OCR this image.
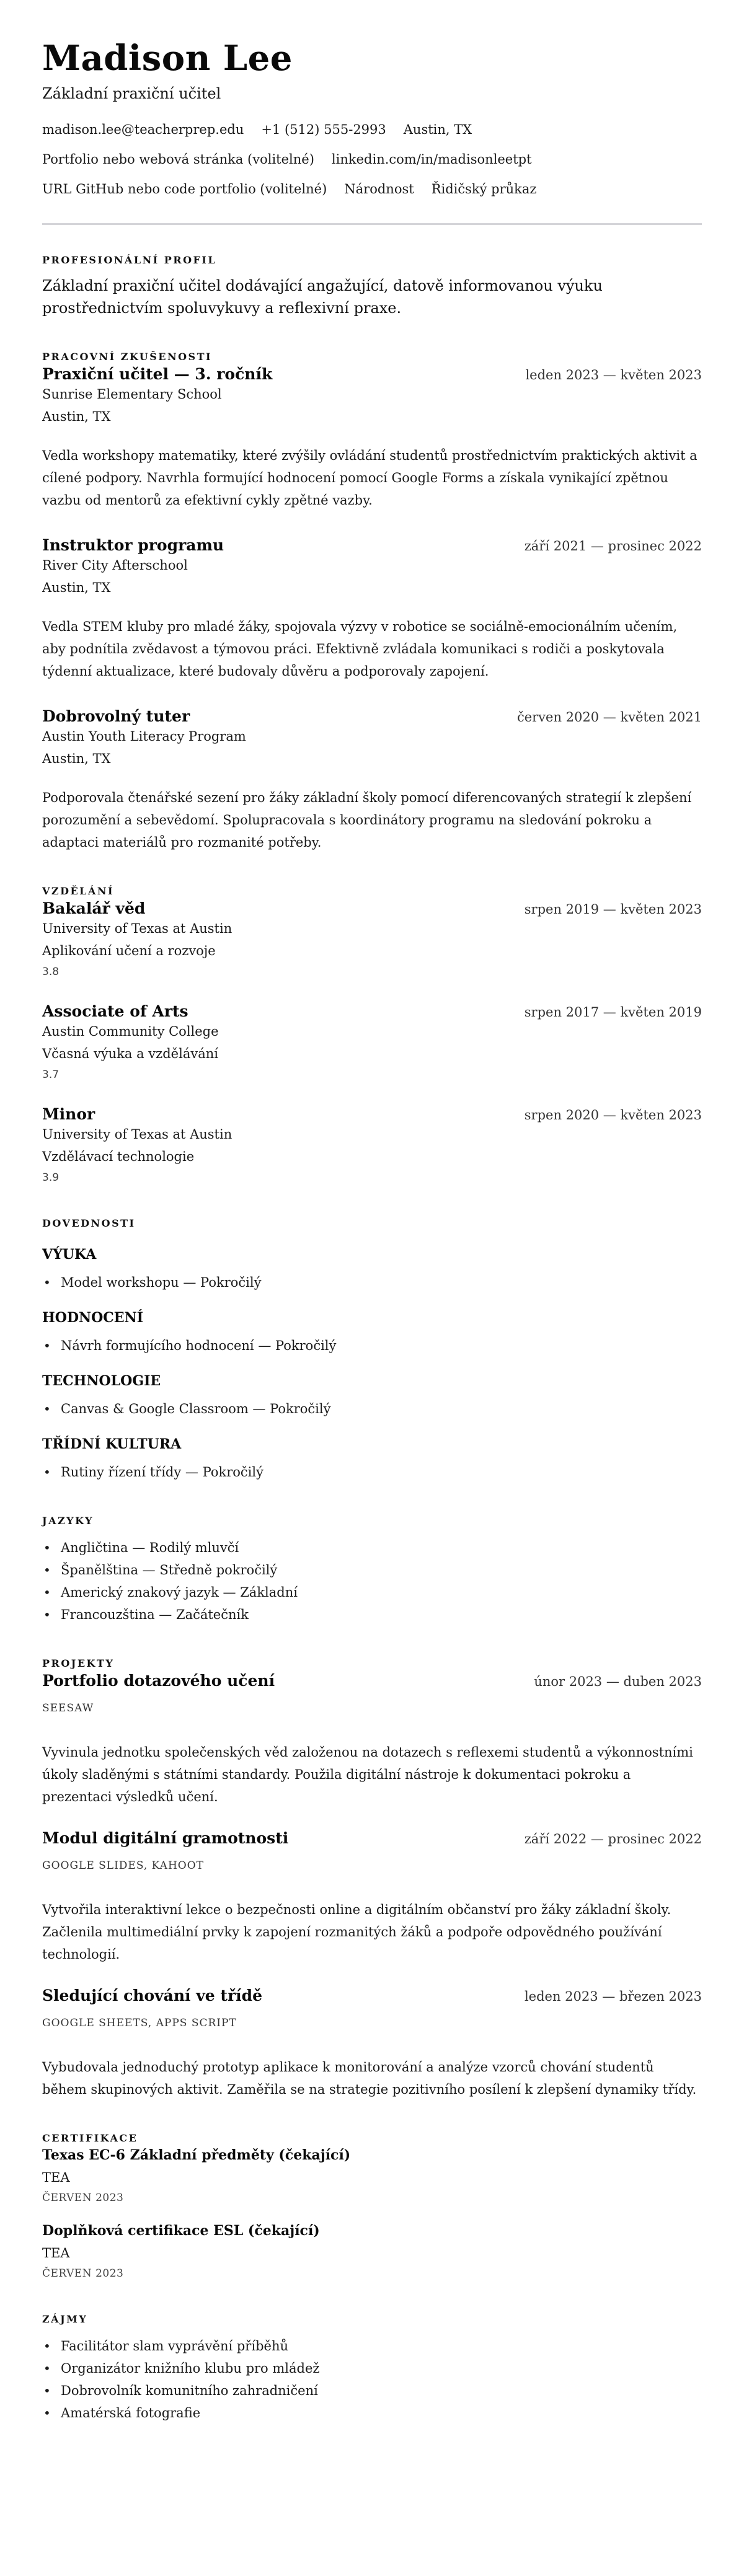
Madison Lee
Základní praxiční učitel
madison.lee@teacherprep.edu +1 (512) 555-2993 Austin, TX
Portfolio nebo webová stránka (volitelné) linkedin.com/in/madisonleetpt
URL GitHub nebo code portfolio (volitelné) Národnost Řidičský průkaz
PROFESIONÁLNÍ PROFIL

Základní praxiční učitel dodávající angažující, datově informovanou výuku prostřednictvím spoluvykuvy a reflexivní praxe.

PRACOVNÍ ZKUŠENOSTI
Praxiční učitel — 3. ročník	leden 2023 — květen 2023
Sunrise Elementary School
Austin, TX

Vedla workshopy matematiky, které zvýšily ovládání studentů prostřednictvím praktických aktivit a cílené podpory. Navrhla formující hodnocení pomocí Google Forms a získala vynikající zpětnou vazbu od mentorů za efektivní cykly zpětné vazby.

Instruktor programu	září 2021 — prosinec 2022
River City Afterschool
Austin, TX

Vedla STEM kluby pro mladé žáky, spojovala výzvy v robotice se sociálně-emocionálním učením, aby podnítila zvědavost a týmovou práci. Efektivně zvládala komunikaci s rodiči a poskytovala týdenní aktualizace, které budovaly důvěru a podporovaly zapojení.

Dobrovolný tuter	červen 2020 — květen 2021
Austin Youth Literacy Program
Austin, TX

Podporovala čtenářské sezení pro žáky základní školy pomocí diferencovaných strategií k zlepšení porozumění a sebevědomí. Spolupracovala s koordinátory programu na sledování pokroku a adaptaci materiálů pro rozmanité potřeby.

VZDĚLÁNÍ
Bakalář věd	srpen 2019 — květen 2023
University of Texas at Austin
Aplikování učení a rozvoje
3.8
Associate of Arts	srpen 2017 — květen 2019
Austin Community College
Včasná výuka a vzdělávání
3.7
Minor	srpen 2020 — květen 2023
University of Texas at Austin
Vzdělávací technologie
3.9
DOVEDNOSTI
VÝUKA
• Model workshopu — Pokročilý
HODNOCENÍ
• Návrh formujícího hodnocení — Pokročilý
TECHNOLOGIE
• Canvas & Google Classroom — Pokročilý
TŘÍDNÍ KULTURA
• Rutiny řízení třídy — Pokročilý
JAZYKY
• Angličtina — Rodilý mluvčí
• Španělština — Středně pokročilý
• Americký znakový jazyk — Základní
• Francouzština — Začátečník
PROJEKTY
Portfolio dotazového učení	únor 2023 — duben 2023
SEESAW

Vyvinula jednotku společenských věd založenou na dotazech s reflexemi studentů a výkonnostními úkoly sladěnými s státními standardy. Použila digitální nástroje k dokumentaci pokroku a prezentaci výsledků učení.

Modul digitální gramotnosti	září 2022 — prosinec 2022
GOOGLE SLIDES, KAHOOT

Vytvořila interaktivní lekce o bezpečnosti online a digitálním občanství pro žáky základní školy. Začlenila multimediální prvky k zapojení rozmanitých žáků a podpoře odpovědného používání technologií.

Sledující chování ve třídě	leden 2023 — březen 2023
GOOGLE SHEETS, APPS SCRIPT

Vybudovala jednoduchý prototyp aplikace k monitorování a analýze vzorců chování studentů během skupinových aktivit. Zaměřila se na strategie pozitivního posílení k zlepšení dynamiky třídy.

CERTIFIKACE
Texas EC-6 Základní předměty (čekající)
TEA
ČERVEN 2023
Doplňková certifikace ESL (čekající)
TEA
ČERVEN 2023
ZÁJMY
• Facilitátor slam vyprávění příběhů
• Organizátor knižního klubu pro mládež
• Dobrovolník komunitního zahradničení
• Amatérská fotografie
